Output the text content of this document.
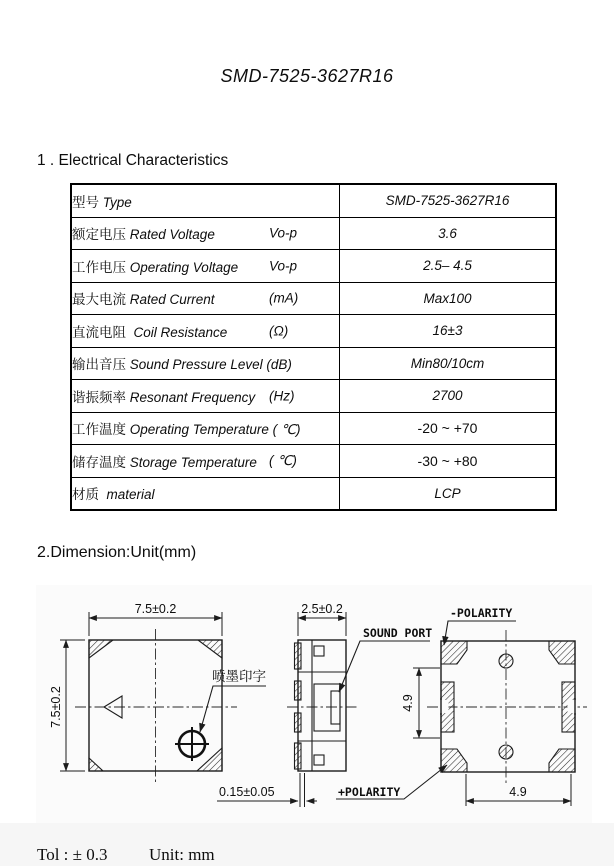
SMD-7525-3627R16
1 . Electrical Characteristics
型号 Type	SMD-7525-3627R16
额定电压 Rated Voltage Vo-p	3.6
工作电压 Operating Voltage Vo-p	2.5– 4.5
最大电流 Rated Current (mA)	Max100
直流电阻 Coil Resistance (Ω)	16±3
输出音压 Sound Pressure Level (dB)	Min80/10cm
谐振频率 Resonant Frequency (Hz)	2700
工作温度 Operating Temperature ( ℃)	-20 ~ +70
储存温度 Storage Temperature ( ℃)	-30 ~ +80
材质 material	LCP
2.Dimension:Unit(mm)
7.5±0.2
7.5±0.2
喷墨印字
2.5±0.2
SOUND PORT
0.15±0.05
-POLARITY
+POLARITY
4.9
4.9
Tol : ± 0.3 Unit: mm
